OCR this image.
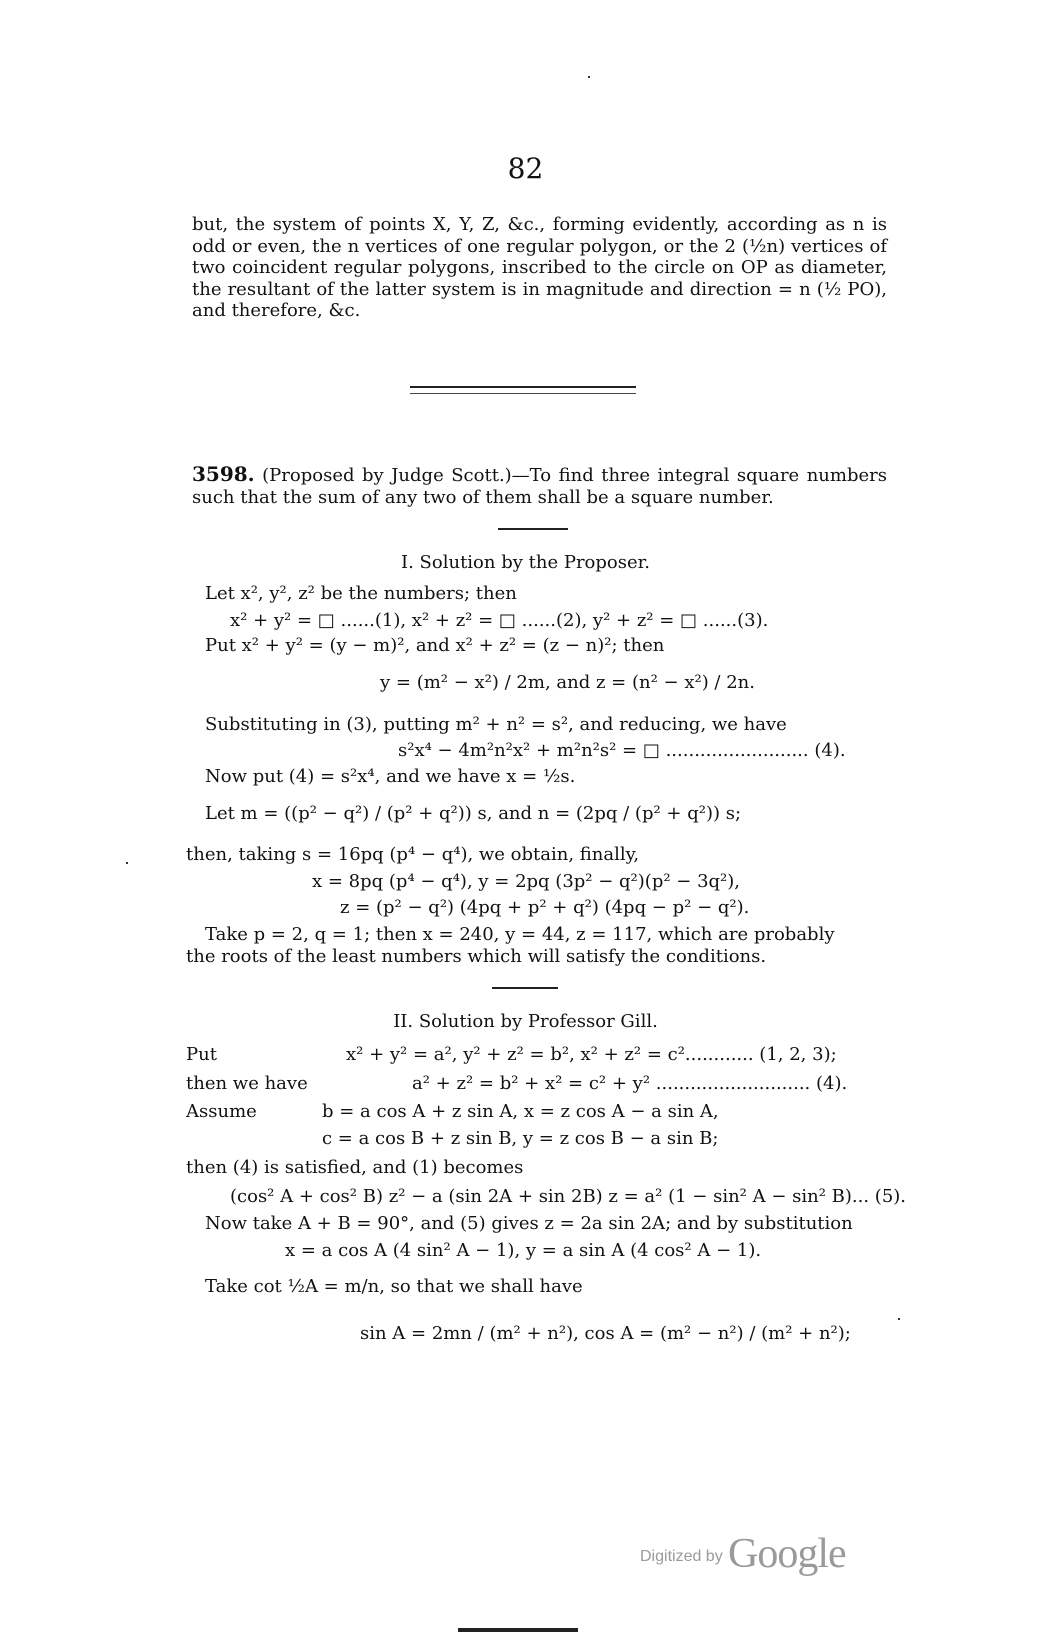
82
but, the system of points X, Y, Z, &c., forming evidently, according as n is odd or even, the n vertices of one regular polygon, or the 2 (½n) vertices of two coincident regular polygons, inscribed to the circle on OP as diameter, the resultant of the latter system is in magnitude and direction = n (½ PO), and therefore, &c.
3598. (Proposed by Judge Scott.)—To find three integral square numbers such that the sum of any two of them shall be a square number.
I. Solution by the Proposer.
Let x², y², z² be the numbers; then
x² + y² = □ ......(1), x² + z² = □ ......(2), y² + z² = □ ......(3).
Put x² + y² = (y − m)², and x² + z² = (z − n)²; then
y = (m² − x²) / 2m, and z = (n² − x²) / 2n.
Substituting in (3), putting m² + n² = s², and reducing, we have
s²x⁴ − 4m²n²x² + m²n²s² = □ ......................... (4).
Now put (4) = s²x⁴, and we have x = ½s.
Let m = ((p² − q²) / (p² + q²)) s, and n = (2pq / (p² + q²)) s;
then, taking s = 16pq (p⁴ − q⁴), we obtain, finally,
x = 8pq (p⁴ − q⁴), y = 2pq (3p² − q²)(p² − 3q²),
z = (p² − q²) (4pq + p² + q²) (4pq − p² − q²).
Take p = 2, q = 1; then x = 240, y = 44, z = 117, which are probably
the roots of the least numbers which will satisfy the conditions.
II. Solution by Professor Gill.
Put	x² + y² = a², y² + z² = b², x² + z² = c²............ (1, 2, 3);
then we have	a² + z² = b² + x² = c² + y² ........................... (4).
Assume	b = a cos A + z sin A, x = z cos A − a sin A,
c = a cos B + z sin B, y = z cos B − a sin B;
then (4) is satisfied, and (1) becomes
(cos² A + cos² B) z² − a (sin 2A + sin 2B) z = a² (1 − sin² A − sin² B)... (5).
Now take A + B = 90°, and (5) gives z = 2a sin 2A; and by substitution
x = a cos A (4 sin² A − 1), y = a sin A (4 cos² A − 1).
Take cot ½A = m/n, so that we shall have
sin A = 2mn / (m² + n²), cos A = (m² − n²) / (m² + n²);
Digitized by Google
